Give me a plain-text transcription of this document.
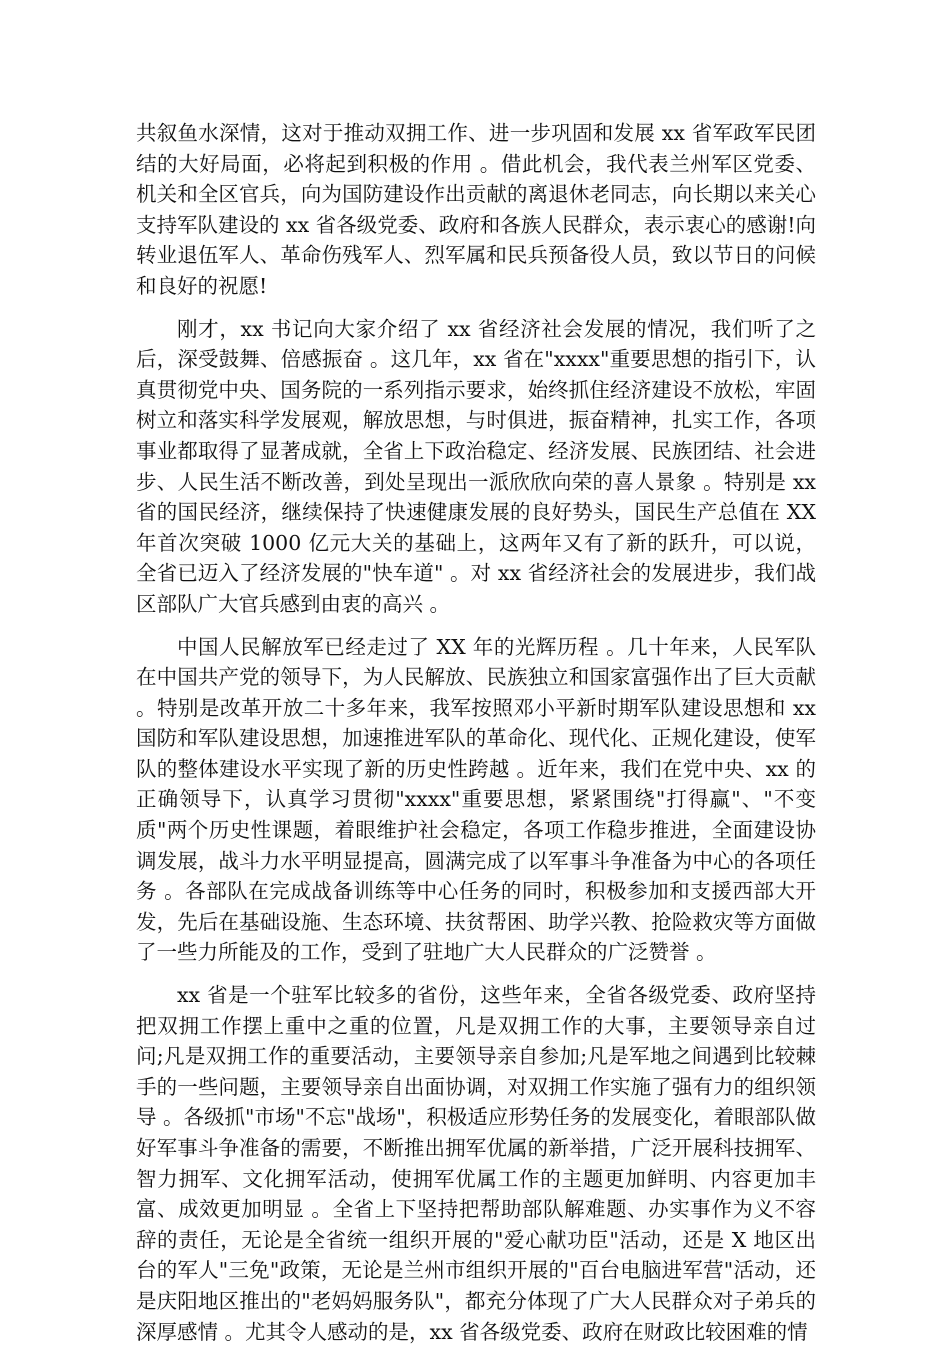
共叙鱼水深情，这对于推动双拥工作、进一步巩固和发展 xx 省军政军民团结的大好局面，必将起到积极的作用 。借此机会，我代表兰州军区党委、机关和全区官兵，向为国防建设作出贡献的离退休老同志，向长期以来关心支持军队建设的 xx 省各级党委、政府和各族人民群众，表示衷心的感谢!向转业退伍军人、革命伤残军人、烈军属和民兵预备役人员，致以节日的问候和良好的祝愿!

刚才，xx 书记向大家介绍了 xx 省经济社会发展的情况，我们听了之后，深受鼓舞、倍感振奋 。这几年，xx 省在"xxxx"重要思想的指引下，认真贯彻党中央、国务院的一系列指示要求，始终抓住经济建设不放松，牢固树立和落实科学发展观，解放思想，与时俱进，振奋精神，扎实工作，各项事业都取得了显著成就，全省上下政治稳定、经济发展、民族团结、社会进步、人民生活不断改善，到处呈现出一派欣欣向荣的喜人景象 。特别是 xx 省的国民经济，继续保持了快速健康发展的良好势头，国民生产总值在 XX 年首次突破 1000 亿元大关的基础上，这两年又有了新的跃升，可以说，全省已迈入了经济发展的"快车道" 。对 xx 省经济社会的发展进步，我们战区部队广大官兵感到由衷的高兴 。

中国人民解放军已经走过了 XX 年的光辉历程 。几十年来，人民军队在中国共产党的领导下，为人民解放、民族独立和国家富强作出了巨大贡献 。特别是改革开放二十多年来，我军按照邓小平新时期军队建设思想和 xx 国防和军队建设思想，加速推进军队的革命化、现代化、正规化建设，使军队的整体建设水平实现了新的历史性跨越 。近年来，我们在党中央、xx 的正确领导下，认真学习贯彻"xxxx"重要思想，紧紧围绕"打得赢"、"不变质"两个历史性课题，着眼维护社会稳定，各项工作稳步推进，全面建设协调发展，战斗力水平明显提高，圆满完成了以军事斗争准备为中心的各项任务 。各部队在完成战备训练等中心任务的同时，积极参加和支援西部大开发，先后在基础设施、生态环境、扶贫帮困、助学兴教、抢险救灾等方面做了一些力所能及的工作，受到了驻地广大人民群众的广泛赞誉 。

xx 省是一个驻军比较多的省份，这些年来，全省各级党委、政府坚持把双拥工作摆上重中之重的位置，凡是双拥工作的大事，主要领导亲自过问;凡是双拥工作的重要活动，主要领导亲自参加;凡是军地之间遇到比较棘手的一些问题，主要领导亲自出面协调，对双拥工作实施了强有力的组织领导 。各级抓"市场"不忘"战场"，积极适应形势任务的发展变化，着眼部队做好军事斗争准备的需要，不断推出拥军优属的新举措，广泛开展科技拥军、智力拥军、文化拥军活动，使拥军优属工作的主题更加鲜明、内容更加丰富、成效更加明显 。全省上下坚持把帮助部队解难题、办实事作为义不容辞的责任，无论是全省统一组织开展的"爱心献功臣"活动，还是 X 地区出台的军人"三免"政策，无论是兰州市组织开展的"百台电脑进军营"活动，还是庆阳地区推出的"老妈妈服务队"，都充分体现了广大人民群众对子弟兵的深厚感情 。尤其令人感动的是，xx 省各级党委、政府在财政比较困难的情
